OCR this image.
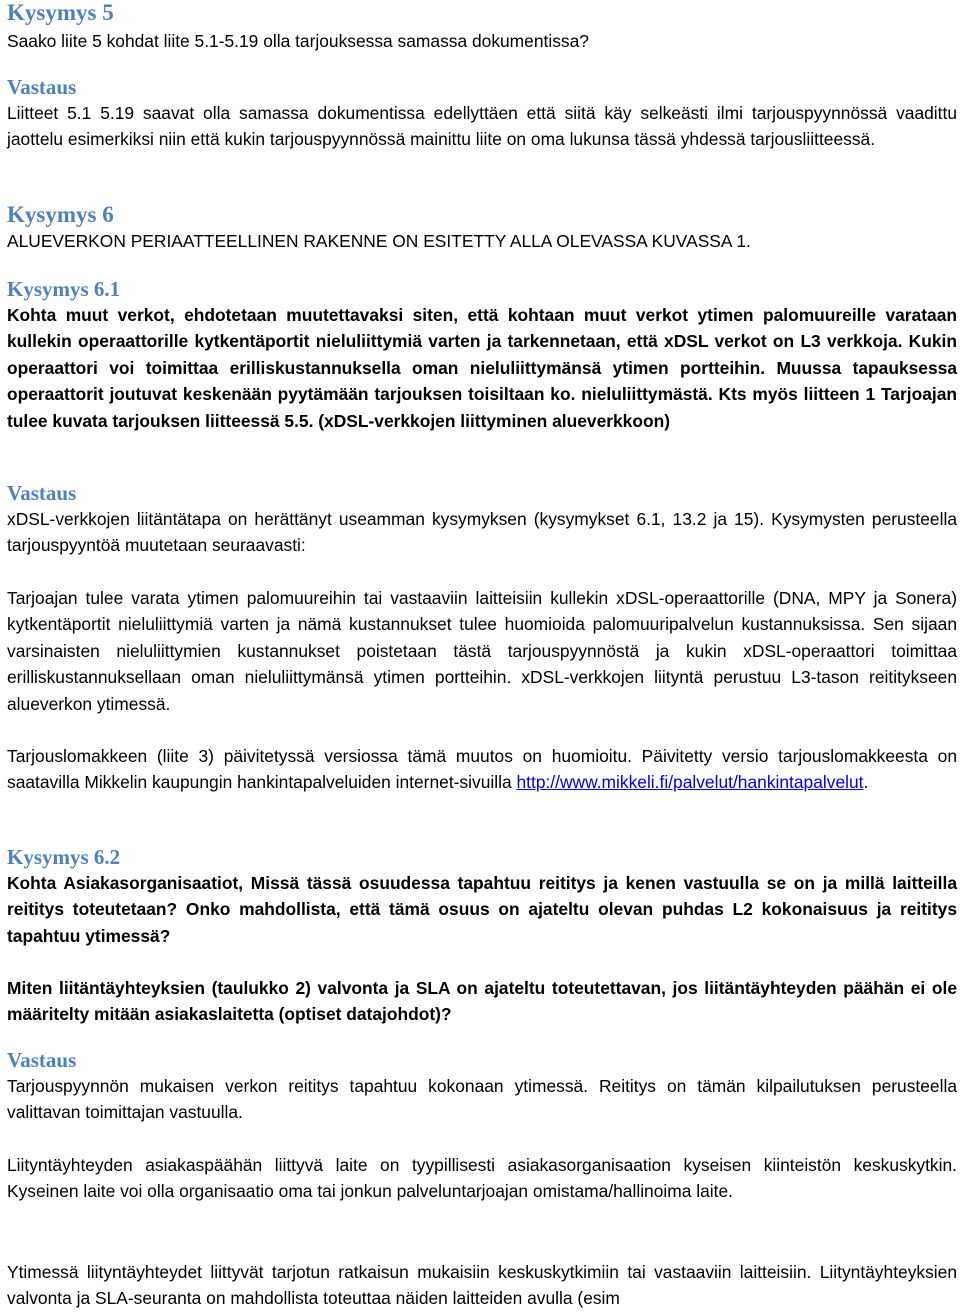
Kysymys 5

Saako liite 5 kohdat liite 5.1-5.19 olla tarjouksessa samassa dokumentissa?

Vastaus

Liitteet 5.1 5.19 saavat olla samassa dokumentissa edellyttäen että siitä käy selkeästi ilmi tarjouspyynnössä vaadittu jaottelu esimerkiksi niin että kukin tarjouspyynnössä mainittu liite on oma lukunsa tässä yhdessä tarjousliitteessä.

Kysymys 6

ALUEVERKON PERIAATTEELLINEN RAKENNE ON ESITETTY ALLA OLEVASSA KUVASSA 1.

Kysymys 6.1

Kohta muut verkot, ehdotetaan muutettavaksi siten, että kohtaan muut verkot ytimen palomuureille varataan kullekin operaattorille kytkentäportit nieluliittymiä varten ja tarkennetaan, että xDSL verkot on L3 verkkoja. Kukin operaattori voi toimittaa erilliskustannuksella oman nieluliittymänsä ytimen portteihin. Muussa tapauksessa operaattorit joutuvat keskenään pyytämään tarjouksen toisiltaan ko. nieluliittymästä. Kts myös liitteen 1 Tarjoajan tulee kuvata tarjouksen liitteessä 5.5. (xDSL-verkkojen liittyminen alueverkkoon)

Vastaus

xDSL-verkkojen liitäntätapa on herättänyt useamman kysymyksen (kysymykset 6.1, 13.2 ja 15). Kysymysten perusteella tarjouspyyntöä muutetaan seuraavasti:

Tarjoajan tulee varata ytimen palomuureihin tai vastaaviin laitteisiin kullekin xDSL-operaattorille (DNA, MPY ja Sonera) kytkentäportit nieluliittymiä varten ja nämä kustannukset tulee huomioida palomuuripalvelun kustannuksissa. Sen sijaan varsinaisten nieluliittymien kustannukset poistetaan tästä tarjouspyynnöstä ja kukin xDSL-operaattori toimittaa erilliskustannuksellaan oman nieluliittymänsä ytimen portteihin. xDSL-verkkojen liityntä perustuu L3-tason reititykseen alueverkon ytimessä.

Tarjouslomakkeen (liite 3) päivitetyssä versiossa tämä muutos on huomioitu. Päivitetty versio tarjouslomakkeesta on saatavilla Mikkelin kaupungin hankintapalveluiden internet-sivuilla http://www.mikkeli.fi/palvelut/hankintapalvelut.

Kysymys 6.2

Kohta Asiakasorganisaatiot, Missä tässä osuudessa tapahtuu reititys ja kenen vastuulla se on ja millä laitteilla reititys toteutetaan? Onko mahdollista, että tämä osuus on ajateltu olevan puhdas L2 kokonaisuus ja reititys tapahtuu ytimessä?

Miten liitäntäyhteyksien (taulukko 2) valvonta ja SLA on ajateltu toteutettavan, jos liitäntäyhteyden päähän ei ole määritelty mitään asiakaslaitetta (optiset datajohdot)?

Vastaus

Tarjouspyynnön mukaisen verkon reititys tapahtuu kokonaan ytimessä. Reititys on tämän kilpailutuksen perusteella valittavan toimittajan vastuulla.

Liityntäyhteyden asiakaspäähän liittyvä laite on tyypillisesti asiakasorganisaation kyseisen kiinteistön keskuskytkin. Kyseinen laite voi olla organisaatio oma tai jonkun palveluntarjoajan omistama/hallinoima laite.

Ytimessä liityntäyhteydet liittyvät tarjotun ratkaisun mukaisiin keskuskytkimiin tai vastaaviin laitteisiin. Liityntäyhteyksien valvonta ja SLA-seuranta on mahdollista toteuttaa näiden laitteiden avulla (esim
